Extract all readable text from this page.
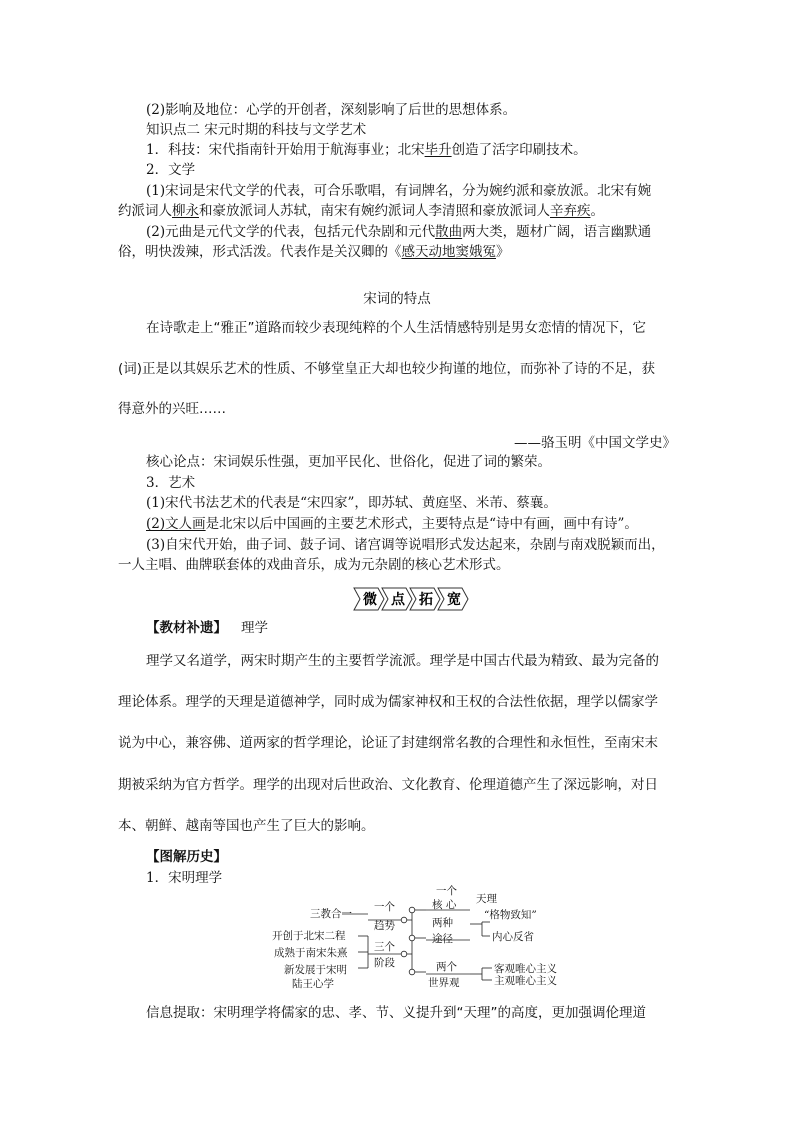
(2)影响及地位：心学的开创者，深刻影响了后世的思想体系。
知识点二 宋元时期的科技与文学艺术
1．科技：宋代指南针开始用于航海事业；北宋毕升创造了活字印刷技术。
2．文学
(1)宋词是宋代文学的代表，可合乐歌唱，有词牌名，分为婉约派和豪放派。北宋有婉
约派词人柳永和豪放派词人苏轼，南宋有婉约派词人李清照和豪放派词人辛弃疾。
(2)元曲是元代文学的代表，包括元代杂剧和元代散曲两大类，题材广阔，语言幽默通
俗，明快泼辣，形式活泼。代表作是关汉卿的《感天动地窦娥冤》
宋词的特点
在诗歌走上“雅正”道路而较少表现纯粹的个人生活情感特别是男女恋情的情况下，它
(词)正是以其娱乐艺术的性质、不够堂皇正大却也较少拘谨的地位，而弥补了诗的不足，获
得意外的兴旺……
——骆玉明《中国文学史》
核心论点：宋词娱乐性强，更加平民化、世俗化，促进了词的繁荣。
3．艺术
(1)宋代书法艺术的代表是“宋四家”，即苏轼、黄庭坚、米芾、蔡襄。
(2)文人画是北宋以后中国画的主要艺术形式，主要特点是“诗中有画，画中有诗”。
(3)自宋代开始，曲子词、鼓子词、诸宫调等说唱形式发达起来，杂剧与南戏脱颖而出，
一人主唱、曲牌联套体的戏曲音乐，成为元杂剧的核心艺术形式。
微 点 拓 宽
【教材补遗】 理学
理学又名道学，两宋时期产生的主要哲学流派。理学是中国古代最为精致、最为完备的
理论体系。理学的天理是道德神学，同时成为儒家神权和王权的合法性依据，理学以儒家学
说为中心，兼容佛、道两家的哲学理论，论证了封建纲常名教的合理性和永恒性，至南宋末
期被采纳为官方哲学。理学的出现对后世政治、文化教育、伦理道德产生了深远影响，对日
本、朝鲜、越南等国也产生了巨大的影响。
【图解历史】
1．宋明理学
三教合一
开创于北宋二程
成熟于南宋朱熹
新发展于宋明
陆王心学
一个
趋势
三个
阶段
一个
核 心 天理
两种
途径
“格物致知”
内心反省
两个
世界观
客观唯心主义
主观唯心主义
信息提取：宋明理学将儒家的忠、孝、节、义提升到“天理”的高度，更加强调伦理道
